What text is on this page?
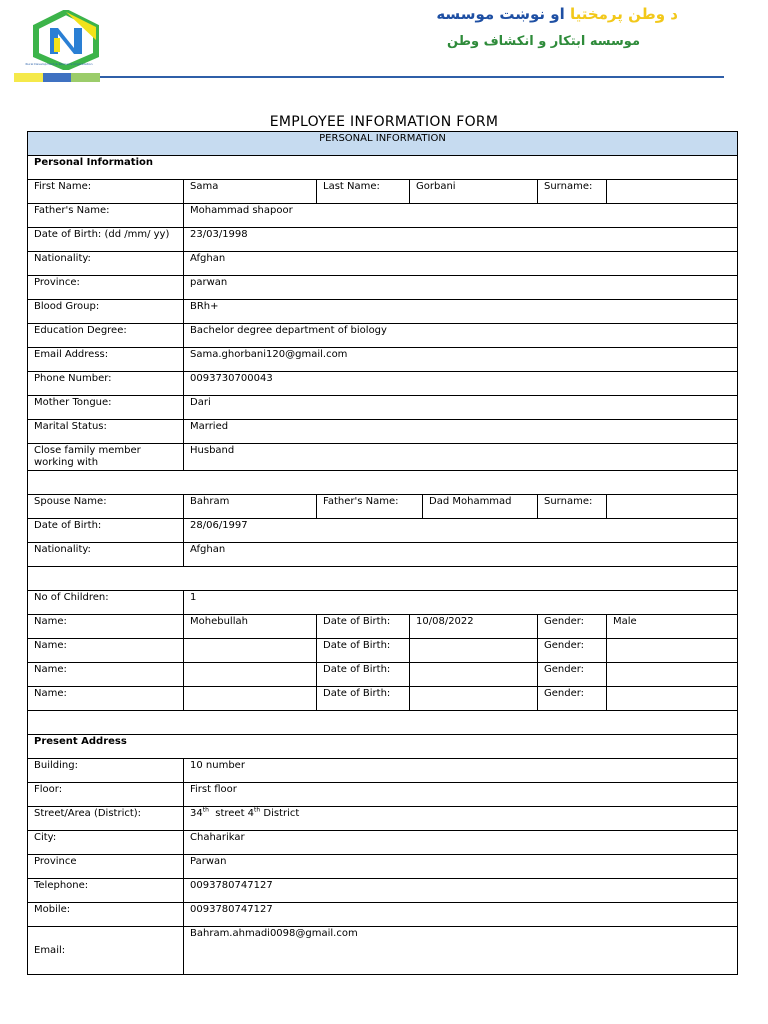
Rural Development & Women's Organization
د وطن پرمختیا او نوښت موسسه
موسسه ابتکار و انکشاف وطن
EMPLOYEE INFORMATION FORM
PERSONAL INFORMATION						
Personal Information						
First Name:	Sama	Last Name:	Gorbani		Surname:	
Father's Name:	Mohammad shapoor					
Date of Birth: (dd /mm/ yy)	23/03/1998					
Nationality:	Afghan					
Province:	parwan					
Blood Group:	BRh+					
Education Degree:	Bachelor degree department of biology					
Email Address:	Sama.ghorbani120@gmail.com					
Phone Number:	0093730700043					
Mother Tongue:	Dari					
Marital Status:	Married					
Close family member working with	Husband					

Spouse Name:	Bahram	Father's Name:		Dad Mohammad	Surname:	
Date of Birth:	28/06/1997					
Nationality:	Afghan					

No of Children:	1					
Name:	Mohebullah	Date of Birth:	10/08/2022		Gender:	Male
Name:		Date of Birth:			Gender:	
Name:		Date of Birth:			Gender:	
Name:		Date of Birth:			Gender:	

Present Address						
Building:	10 number					
Floor:	First floor					
Street/Area (District):	34th  street 4th District					
City:	Chaharikar					
Province	Parwan					
Telephone:	0093780747127					
Mobile:	0093780747127					
Email:	Bahram.ahmadi0098@gmail.com					
